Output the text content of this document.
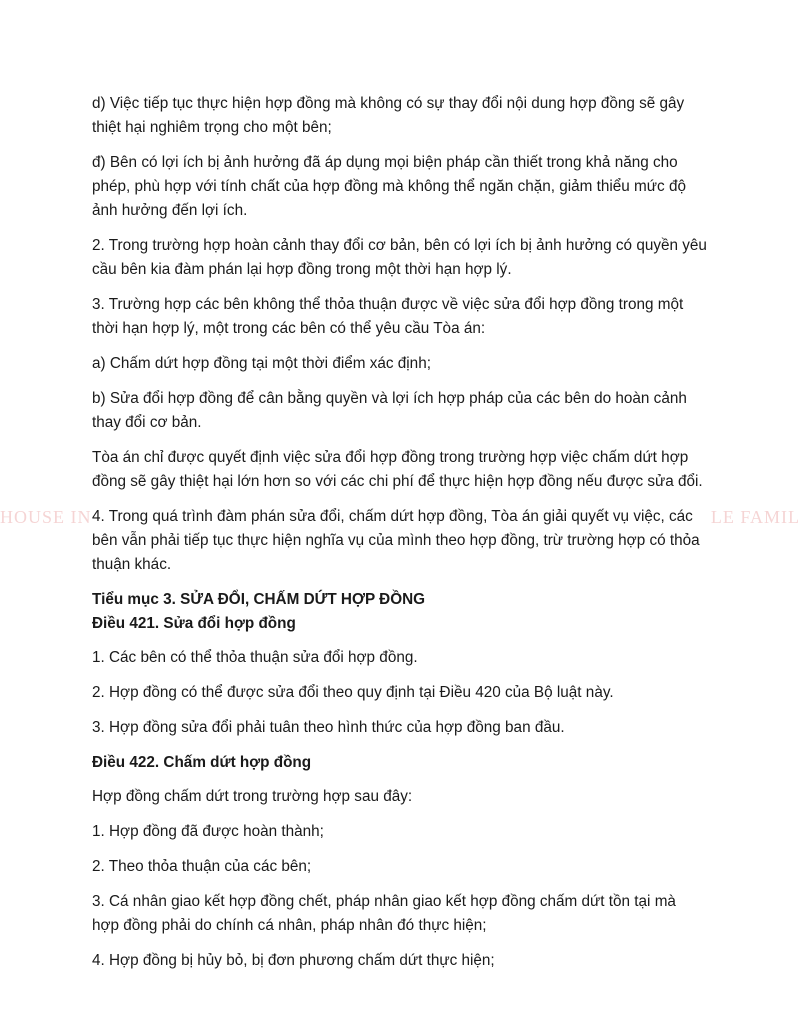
HOUSE IN	LE FAMIL

d) Việc tiếp tục thực hiện hợp đồng mà không có sự thay đổi nội dung hợp đồng sẽ gây thiệt hại nghiêm trọng cho một bên;

đ) Bên có lợi ích bị ảnh hưởng đã áp dụng mọi biện pháp cần thiết trong khả năng cho phép, phù hợp với tính chất của hợp đồng mà không thể ngăn chặn, giảm thiểu mức độ ảnh hưởng đến lợi ích.

2. Trong trường hợp hoàn cảnh thay đổi cơ bản, bên có lợi ích bị ảnh hưởng có quyền yêu cầu bên kia đàm phán lại hợp đồng trong một thời hạn hợp lý.

3. Trường hợp các bên không thể thỏa thuận được về việc sửa đổi hợp đồng trong một thời hạn hợp lý, một trong các bên có thể yêu cầu Tòa án:

a) Chấm dứt hợp đồng tại một thời điểm xác định;

b) Sửa đổi hợp đồng để cân bằng quyền và lợi ích hợp pháp của các bên do hoàn cảnh thay đổi cơ bản.

Tòa án chỉ được quyết định việc sửa đổi hợp đồng trong trường hợp việc chấm dứt hợp đồng sẽ gây thiệt hại lớn hơn so với các chi phí để thực hiện hợp đồng nếu được sửa đổi.

4. Trong quá trình đàm phán sửa đổi, chấm dứt hợp đồng, Tòa án giải quyết vụ việc, các bên vẫn phải tiếp tục thực hiện nghĩa vụ của mình theo hợp đồng, trừ trường hợp có thỏa thuận khác.

Tiểu mục 3. SỬA ĐỔI, CHẤM DỨT HỢP ĐỒNG

Điều 421. Sửa đổi hợp đồng

1. Các bên có thể thỏa thuận sửa đổi hợp đồng.

2. Hợp đồng có thể được sửa đổi theo quy định tại Điều 420 của Bộ luật này.

3. Hợp đồng sửa đổi phải tuân theo hình thức của hợp đồng ban đầu.

Điều 422. Chấm dứt hợp đồng

Hợp đồng chấm dứt trong trường hợp sau đây:

1. Hợp đồng đã được hoàn thành;

2. Theo thỏa thuận của các bên;

3. Cá nhân giao kết hợp đồng chết, pháp nhân giao kết hợp đồng chấm dứt tồn tại mà hợp đồng phải do chính cá nhân, pháp nhân đó thực hiện;

4. Hợp đồng bị hủy bỏ, bị đơn phương chấm dứt thực hiện;
